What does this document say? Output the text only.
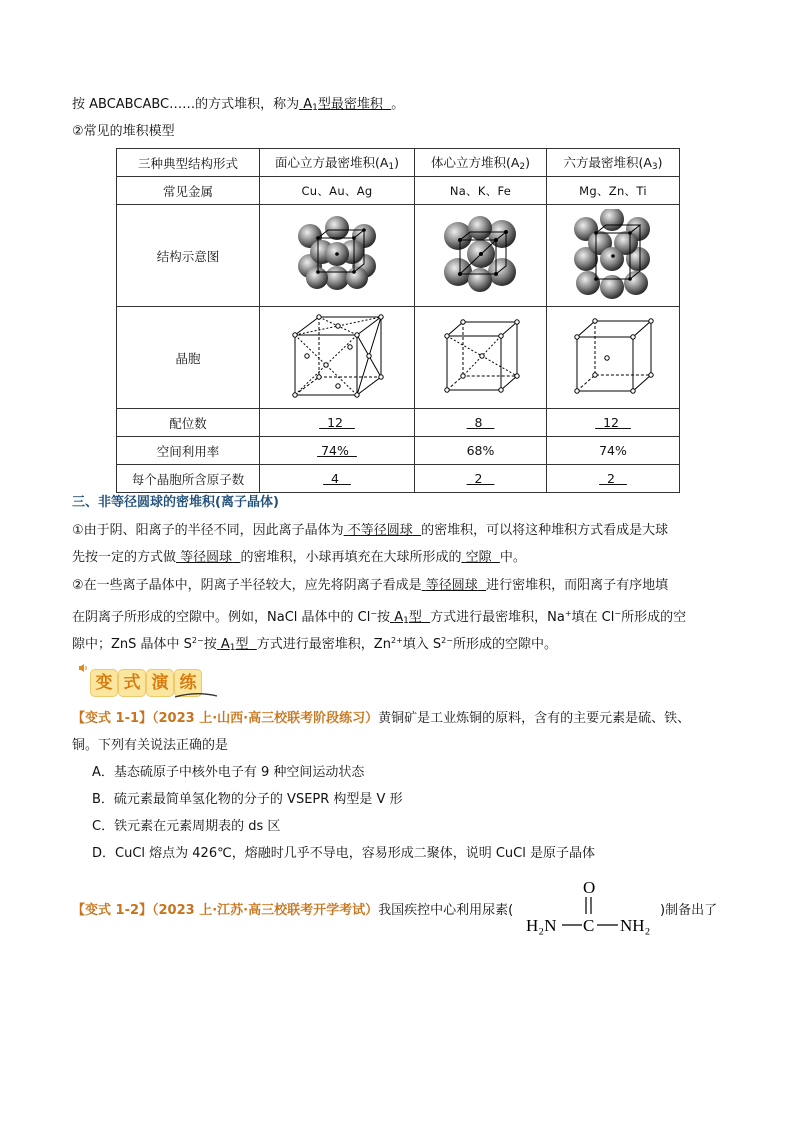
按 ABCABCABC……的方式堆积，称为 $A_1$型最密堆积 。
②常见的堆积模型
三种典型结构形式	面心立方最密堆积$(A_1)$	体心立方堆积$(A_2)$	六方最密堆积$(A_3)$
常见金属	Cu、Au、Ag	Na、K、Fe	Mg、Zn、Ti
结构示意图			
晶胞			
配位数	12	8	12
空间利用率	74%	68%	74%
每个晶胞所含原子数	4	2	2
三、非等径圆球的密堆积(离子晶体)
①由于阴、阳离子的半径不同，因此离子晶体为 不等径圆球 的密堆积，可以将这种堆积方式看成是大球
先按一定的方式做 等径圆球 的密堆积，小球再填充在大球所形成的 空隙 中。
②在一些离子晶体中，阴离子半径较大，应先将阴离子看成是 等径圆球 进行密堆积，而阳离子有序地填
在阴离子所形成的空隙中。例如，NaCl 晶体中的 Cl−按 $A_1$型 方式进行最密堆积，Na+填在 Cl−所形成的空
隙中；ZnS 晶体中 $S^{2-}$按 $A_1$型 方式进行最密堆积，$Zn^{2+}$填入 $S^{2-}$所形成的空隙中。
变 式 演 练
【变式 1-1】（2023 上·山西·高三校联考阶段练习）黄铜矿是工业炼铜的原料，含有的主要元素是硫、铁、
铜。下列有关说法正确的是
A．基态硫原子中核外电子有 9 种空间运动状态
B．硫元素最简单氢化物的分子的 VSEPR 构型是 V 形
C．铁元素在元素周期表的 ds 区
D．CuCl 熔点为 426℃，熔融时几乎不导电，容易形成二聚体，说明 CuCl 是原子晶体
【变式 1-2】（2023 上·江苏·高三校联考开学考试）我国疾控中心利用尿素(	)制备出了
O
C
H₂N	NH₂
